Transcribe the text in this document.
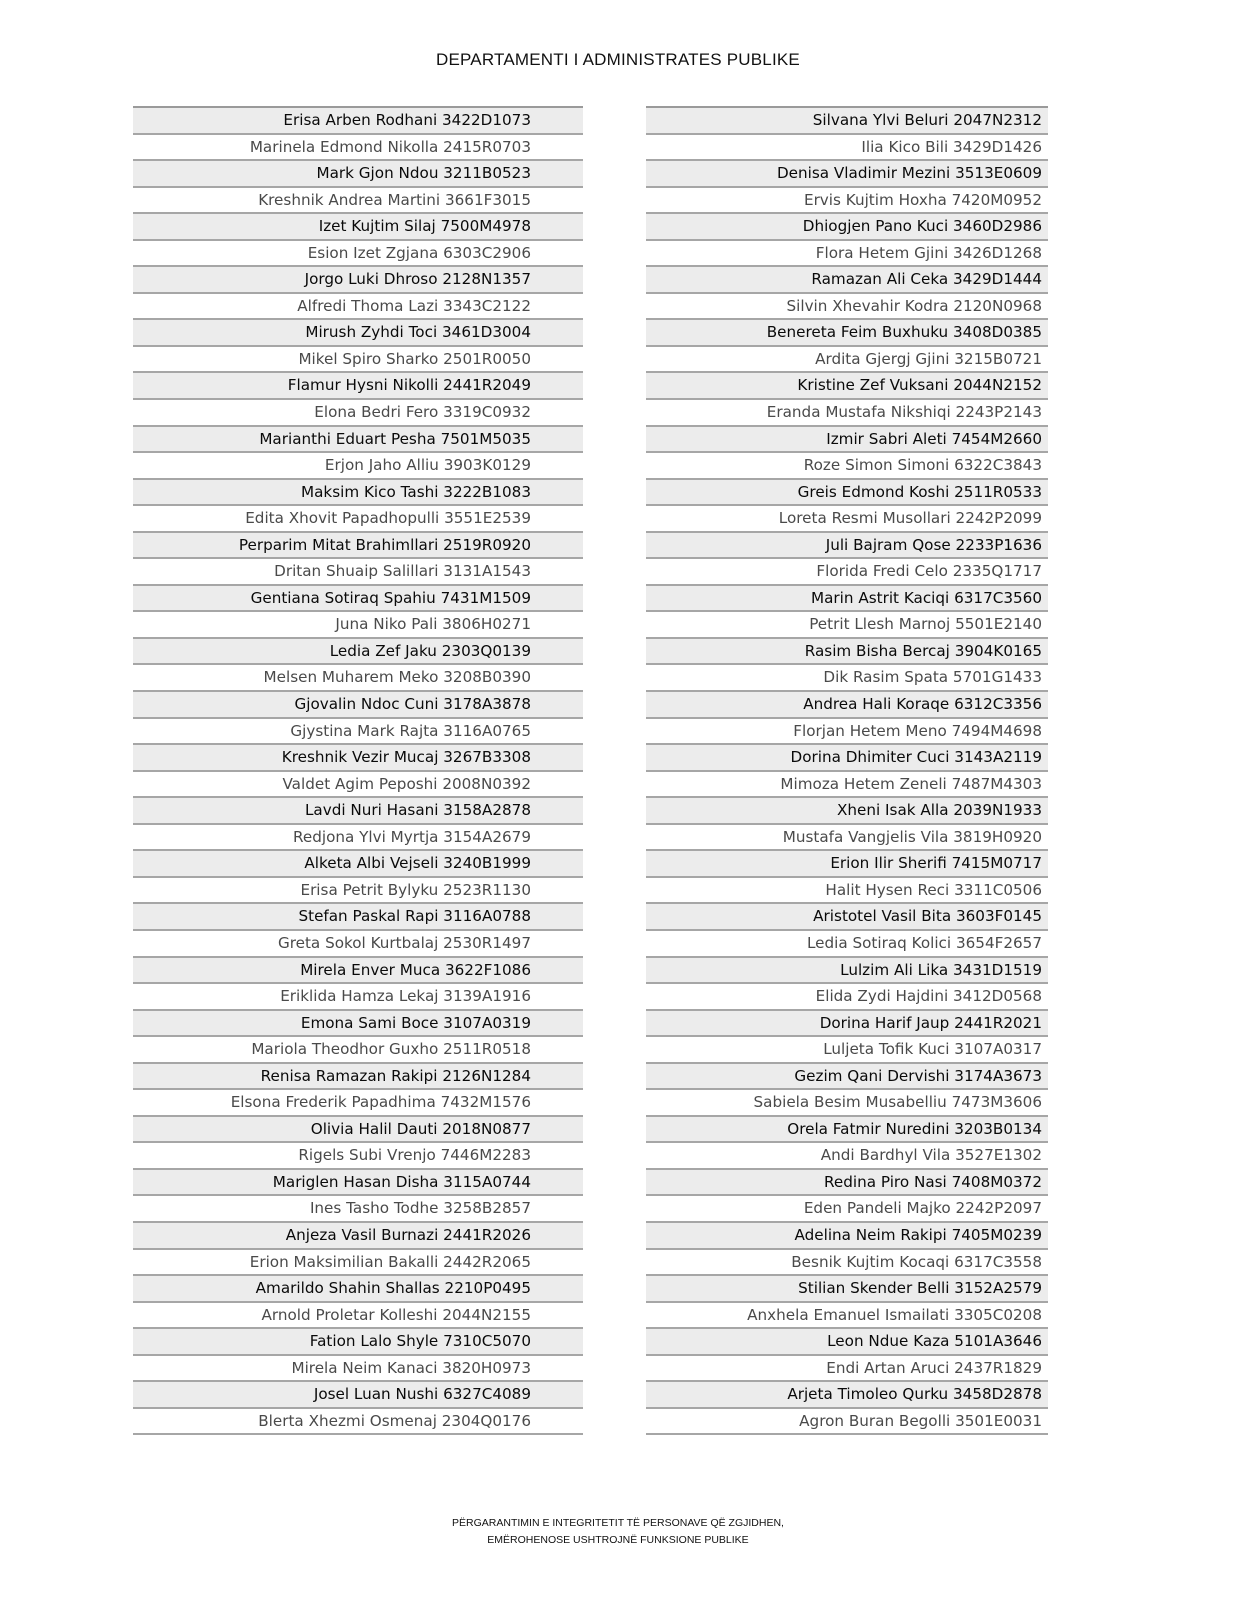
DEPARTAMENTI I ADMINISTRATES PUBLIKE
Erisa Arben Rodhani 3422D1073
Marinela Edmond Nikolla 2415R0703
Mark Gjon Ndou 3211B0523
Kreshnik Andrea Martini 3661F3015
Izet Kujtim Silaj 7500M4978
Esion Izet Zgjana 6303C2906
Jorgo Luki Dhroso 2128N1357
Alfredi Thoma Lazi 3343C2122
Mirush Zyhdi Toci 3461D3004
Mikel Spiro Sharko 2501R0050
Flamur Hysni Nikolli 2441R2049
Elona Bedri Fero 3319C0932
Marianthi Eduart Pesha 7501M5035
Erjon Jaho Alliu 3903K0129
Maksim Kico Tashi 3222B1083
Edita Xhovit Papadhopulli 3551E2539
Perparim Mitat Brahimllari 2519R0920
Dritan Shuaip Salillari 3131A1543
Gentiana Sotiraq Spahiu 7431M1509
Juna Niko Pali 3806H0271
Ledia Zef Jaku 2303Q0139
Melsen Muharem Meko 3208B0390
Gjovalin Ndoc Cuni 3178A3878
Gjystina Mark Rajta 3116A0765
Kreshnik Vezir Mucaj 3267B3308
Valdet Agim Peposhi 2008N0392
Lavdi Nuri Hasani 3158A2878
Redjona Ylvi Myrtja 3154A2679
Alketa Albi Vejseli 3240B1999
Erisa Petrit Bylyku 2523R1130
Stefan Paskal Rapi 3116A0788
Greta Sokol Kurtbalaj 2530R1497
Mirela Enver Muca 3622F1086
Eriklida Hamza Lekaj 3139A1916
Emona Sami Boce 3107A0319
Mariola Theodhor Guxho 2511R0518
Renisa Ramazan Rakipi 2126N1284
Elsona Frederik Papadhima 7432M1576
Olivia Halil Dauti 2018N0877
Rigels Subi Vrenjo 7446M2283
Mariglen Hasan Disha 3115A0744
Ines Tasho Todhe 3258B2857
Anjeza Vasil Burnazi 2441R2026
Erion Maksimilian Bakalli 2442R2065
Amarildo Shahin Shallas 2210P0495
Arnold Proletar Kolleshi 2044N2155
Fation Lalo Shyle 7310C5070
Mirela Neim Kanaci 3820H0973
Josel Luan Nushi 6327C4089
Blerta Xhezmi Osmenaj 2304Q0176
Silvana Ylvi Beluri 2047N2312
Ilia Kico Bili 3429D1426
Denisa Vladimir Mezini 3513E0609
Ervis Kujtim Hoxha 7420M0952
Dhiogjen Pano Kuci 3460D2986
Flora Hetem Gjini 3426D1268
Ramazan Ali Ceka 3429D1444
Silvin Xhevahir Kodra 2120N0968
Benereta Feim Buxhuku 3408D0385
Ardita Gjergj Gjini 3215B0721
Kristine Zef Vuksani 2044N2152
Eranda Mustafa Nikshiqi 2243P2143
Izmir Sabri Aleti 7454M2660
Roze Simon Simoni 6322C3843
Greis Edmond Koshi 2511R0533
Loreta Resmi Musollari 2242P2099
Juli Bajram Qose 2233P1636
Florida Fredi Celo 2335Q1717
Marin Astrit Kaciqi 6317C3560
Petrit Llesh Marnoj 5501E2140
Rasim Bisha Bercaj 3904K0165
Dik Rasim Spata 5701G1433
Andrea Hali Koraqe 6312C3356
Florjan Hetem Meno 7494M4698
Dorina Dhimiter Cuci 3143A2119
Mimoza Hetem Zeneli 7487M4303
Xheni Isak Alla 2039N1933
Mustafa Vangjelis Vila 3819H0920
Erion Ilir Sherifi 7415M0717
Halit Hysen Reci 3311C0506
Aristotel Vasil Bita 3603F0145
Ledia Sotiraq Kolici 3654F2657
Lulzim Ali Lika 3431D1519
Elida Zydi Hajdini 3412D0568
Dorina Harif Jaup 2441R2021
Luljeta Tofik Kuci 3107A0317
Gezim Qani Dervishi 3174A3673
Sabiela Besim Musabelliu 7473M3606
Orela Fatmir Nuredini 3203B0134
Andi Bardhyl Vila 3527E1302
Redina Piro Nasi 7408M0372
Eden Pandeli Majko 2242P2097
Adelina Neim Rakipi 7405M0239
Besnik Kujtim Kocaqi 6317C3558
Stilian Skender Belli 3152A2579
Anxhela Emanuel Ismailati 3305C0208
Leon Ndue Kaza 5101A3646
Endi Artan Aruci 2437R1829
Arjeta Timoleo Qurku 3458D2878
Agron Buran Begolli 3501E0031
PËRGARANTIMIN E INTEGRITETIT TË PERSONAVE QË ZGJIDHEN,
EMËROHENOSE USHTROJNË FUNKSIONE PUBLIKE
